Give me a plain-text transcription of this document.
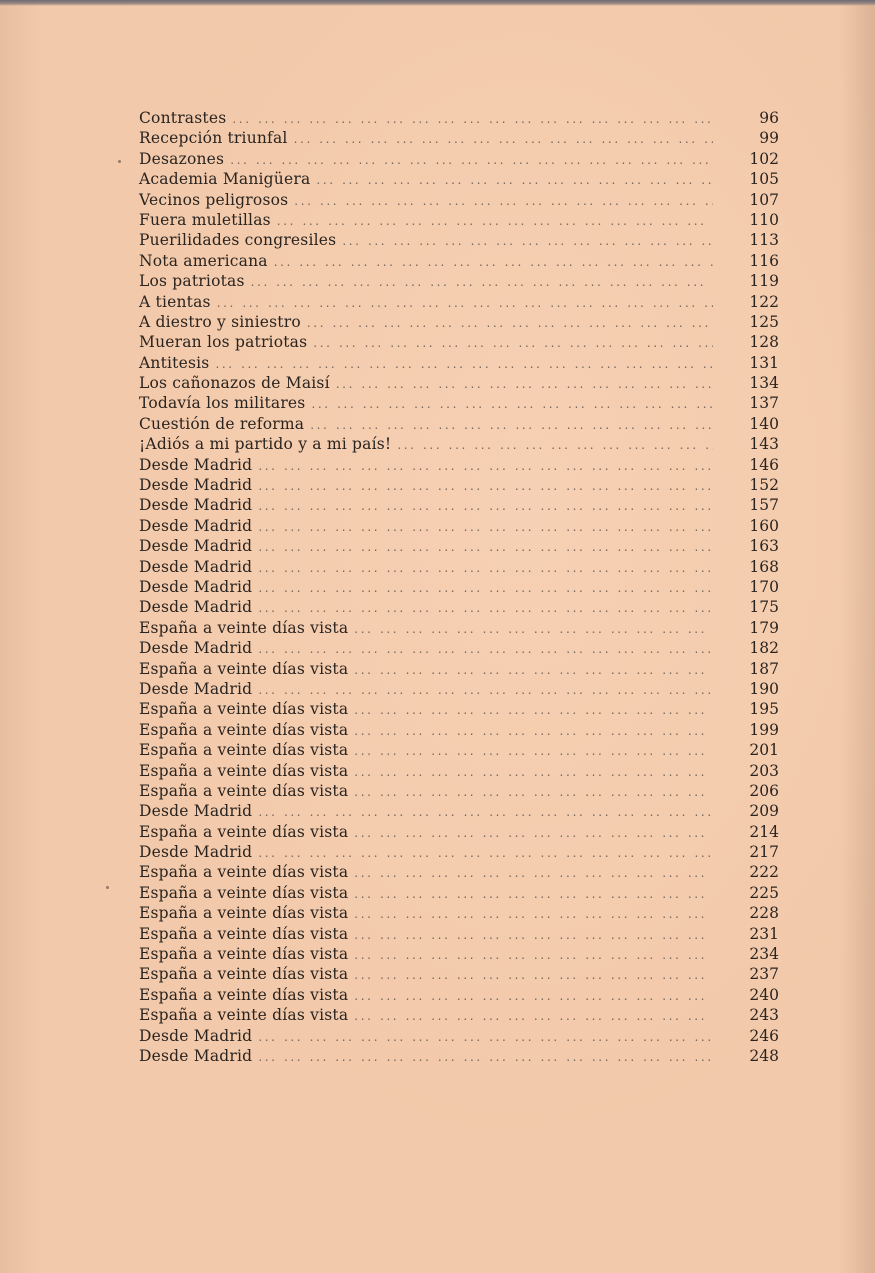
Contrastes ... .	96
Recepción triunfal ... .	99
Desazones ... .	102
Academia Manigüera ... .	105
Vecinos peligrosos ... .	107
Fuera muletillas ... .	110
Puerilidades congresiles ... .	113
Nota americana ... .	116
Los patriotas ... .	119
A tientas ... .	122
A diestro y siniestro ... .	125
Mueran los patriotas ... .	128
Antitesis ... .	131
Los cañonazos de Maisí ... .	134
Todavía los militares ... .	137
Cuestión de reforma ... .	140
¡Adiós a mi partido y a mi país! ... .	143
Desde Madrid ... .	146
Desde Madrid ... .	152
Desde Madrid ... .	157
Desde Madrid ... .	160
Desde Madrid ... .	163
Desde Madrid ... .	168
Desde Madrid ... .	170
Desde Madrid ... .	175
España a veinte días vista ... .	179
Desde Madrid ... .	182
España a veinte días vista ... .	187
Desde Madrid ... .	190
España a veinte días vista ... .	195
España a veinte días vista ... .	199
España a veinte días vista ... .	201
España a veinte días vista ... .	203
España a veinte días vista ... .	206
Desde Madrid ... .	209
España a veinte días vista ... .	214
Desde Madrid ... .	217
España a veinte días vista ... .	222
España a veinte días vista ... .	225
España a veinte días vista ... .	228
España a veinte días vista ... .	231
España a veinte días vista ... .	234
España a veinte días vista ... .	237
España a veinte días vista ... .	240
España a veinte días vista ... .	243
Desde Madrid ... .	246
Desde Madrid ... .	248
